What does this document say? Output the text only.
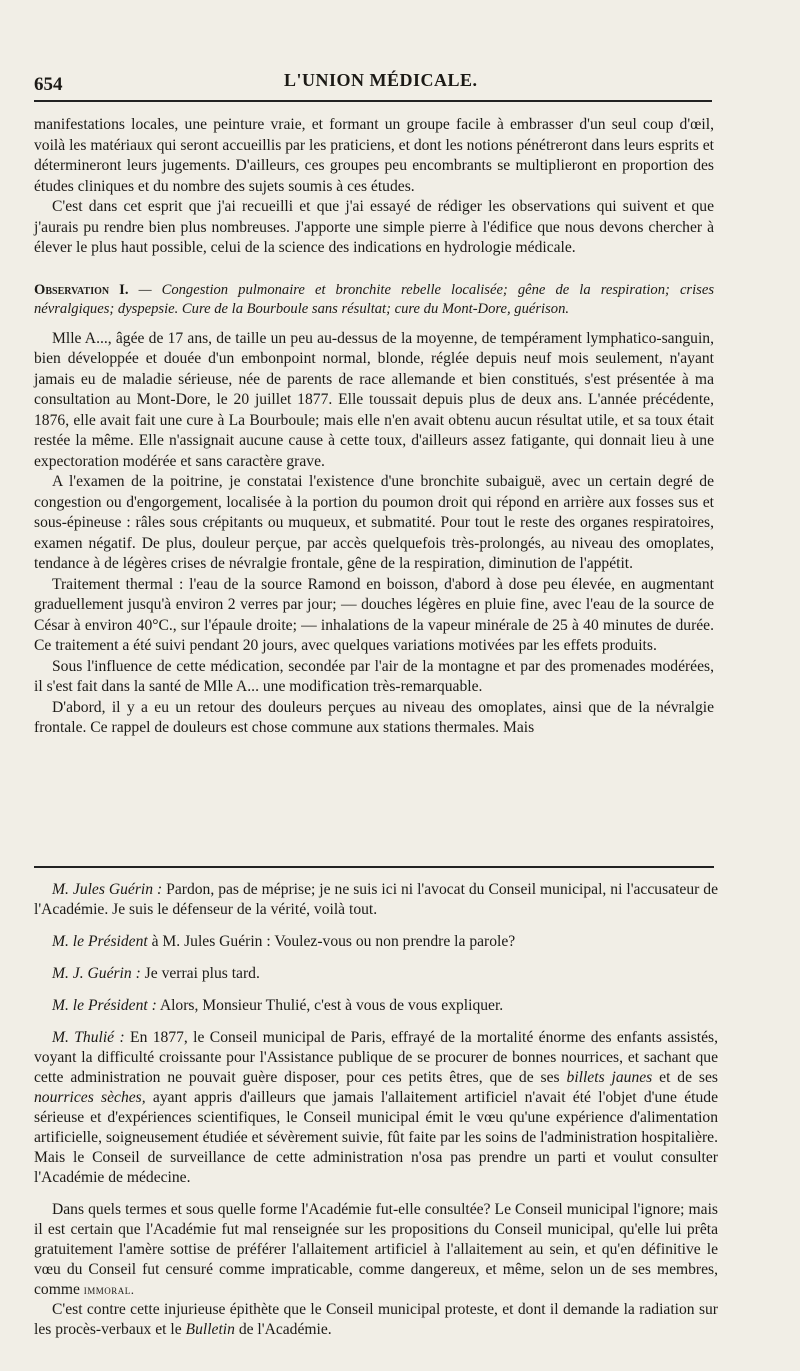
654	L'UNION MÉDICALE.

manifestations locales, une peinture vraie, et formant un groupe facile à embrasser d'un seul coup d'œil, voilà les matériaux qui seront accueillis par les praticiens, et dont les notions pénétreront dans leurs esprits et détermineront leurs jugements. D'ailleurs, ces groupes peu encombrants se multiplieront en proportion des études cliniques et du nombre des sujets soumis à ces études.

C'est dans cet esprit que j'ai recueilli et que j'ai essayé de rédiger les observations qui suivent et que j'aurais pu rendre bien plus nombreuses. J'apporte une simple pierre à l'édifice que nous devons chercher à élever le plus haut possible, celui de la science des indications en hydrologie médicale.

Observation I. — Congestion pulmonaire et bronchite rebelle localisée; gêne de la respiration; crises névralgiques; dyspepsie. Cure de la Bourboule sans résultat; cure du Mont-Dore, guérison.

Mlle A..., âgée de 17 ans, de taille un peu au-dessus de la moyenne, de tempérament lymphatico-sanguin, bien développée et douée d'un embonpoint normal, blonde, réglée depuis neuf mois seulement, n'ayant jamais eu de maladie sérieuse, née de parents de race allemande et bien constitués, s'est présentée à ma consultation au Mont-Dore, le 20 juillet 1877. Elle toussait depuis plus de deux ans. L'année précédente, 1876, elle avait fait une cure à La Bourboule; mais elle n'en avait obtenu aucun résultat utile, et sa toux était restée la même. Elle n'assignait aucune cause à cette toux, d'ailleurs assez fatigante, qui donnait lieu à une expectoration modérée et sans caractère grave.

A l'examen de la poitrine, je constatai l'existence d'une bronchite subaiguë, avec un certain degré de congestion ou d'engorgement, localisée à la portion du poumon droit qui répond en arrière aux fosses sus et sous-épineuse : râles sous crépitants ou muqueux, et submatité. Pour tout le reste des organes respiratoires, examen négatif. De plus, douleur perçue, par accès quelquefois très-prolongés, au niveau des omoplates, tendance à de légères crises de névralgie frontale, gêne de la respiration, diminution de l'appétit.

Traitement thermal : l'eau de la source Ramond en boisson, d'abord à dose peu élevée, en augmentant graduellement jusqu'à environ 2 verres par jour; — douches légères en pluie fine, avec l'eau de la source de César à environ 40°C., sur l'épaule droite; — inhalations de la vapeur minérale de 25 à 40 minutes de durée. Ce traitement a été suivi pendant 20 jours, avec quelques variations motivées par les effets produits.

Sous l'influence de cette médication, secondée par l'air de la montagne et par des promenades modérées, il s'est fait dans la santé de Mlle A... une modification très-remarquable.

D'abord, il y a eu un retour des douleurs perçues au niveau des omoplates, ainsi que de la névralgie frontale. Ce rappel de douleurs est chose commune aux stations thermales. Mais

M. Jules Guérin : Pardon, pas de méprise; je ne suis ici ni l'avocat du Conseil municipal, ni l'accusateur de l'Académie. Je suis le défenseur de la vérité, voilà tout.

M. le Président à M. Jules Guérin : Voulez-vous ou non prendre la parole?

M. J. Guérin : Je verrai plus tard.

M. le Président : Alors, Monsieur Thulié, c'est à vous de vous expliquer.

M. Thulié : En 1877, le Conseil municipal de Paris, effrayé de la mortalité énorme des enfants assistés, voyant la difficulté croissante pour l'Assistance publique de se procurer de bonnes nourrices, et sachant que cette administration ne pouvait guère disposer, pour ces petits êtres, que de ses billets jaunes et de ses nourrices sèches, ayant appris d'ailleurs que jamais l'allaitement artificiel n'avait été l'objet d'une étude sérieuse et d'expériences scientifiques, le Conseil municipal émit le vœu qu'une expérience d'alimentation artificielle, soigneusement étudiée et sévèrement suivie, fût faite par les soins de l'administration hospitalière. Mais le Conseil de surveillance de cette administration n'osa pas prendre un parti et voulut consulter l'Académie de médecine.

Dans quels termes et sous quelle forme l'Académie fut-elle consultée? Le Conseil municipal l'ignore; mais il est certain que l'Académie fut mal renseignée sur les propositions du Conseil municipal, qu'elle lui prêta gratuitement l'amère sottise de préférer l'allaitement artificiel à l'allaitement au sein, et qu'en définitive le vœu du Conseil fut censuré comme impraticable, comme dangereux, et même, selon un de ses membres, comme immoral.

C'est contre cette injurieuse épithète que le Conseil municipal proteste, et dont il demande la radiation sur les procès-verbaux et le Bulletin de l'Académie.
